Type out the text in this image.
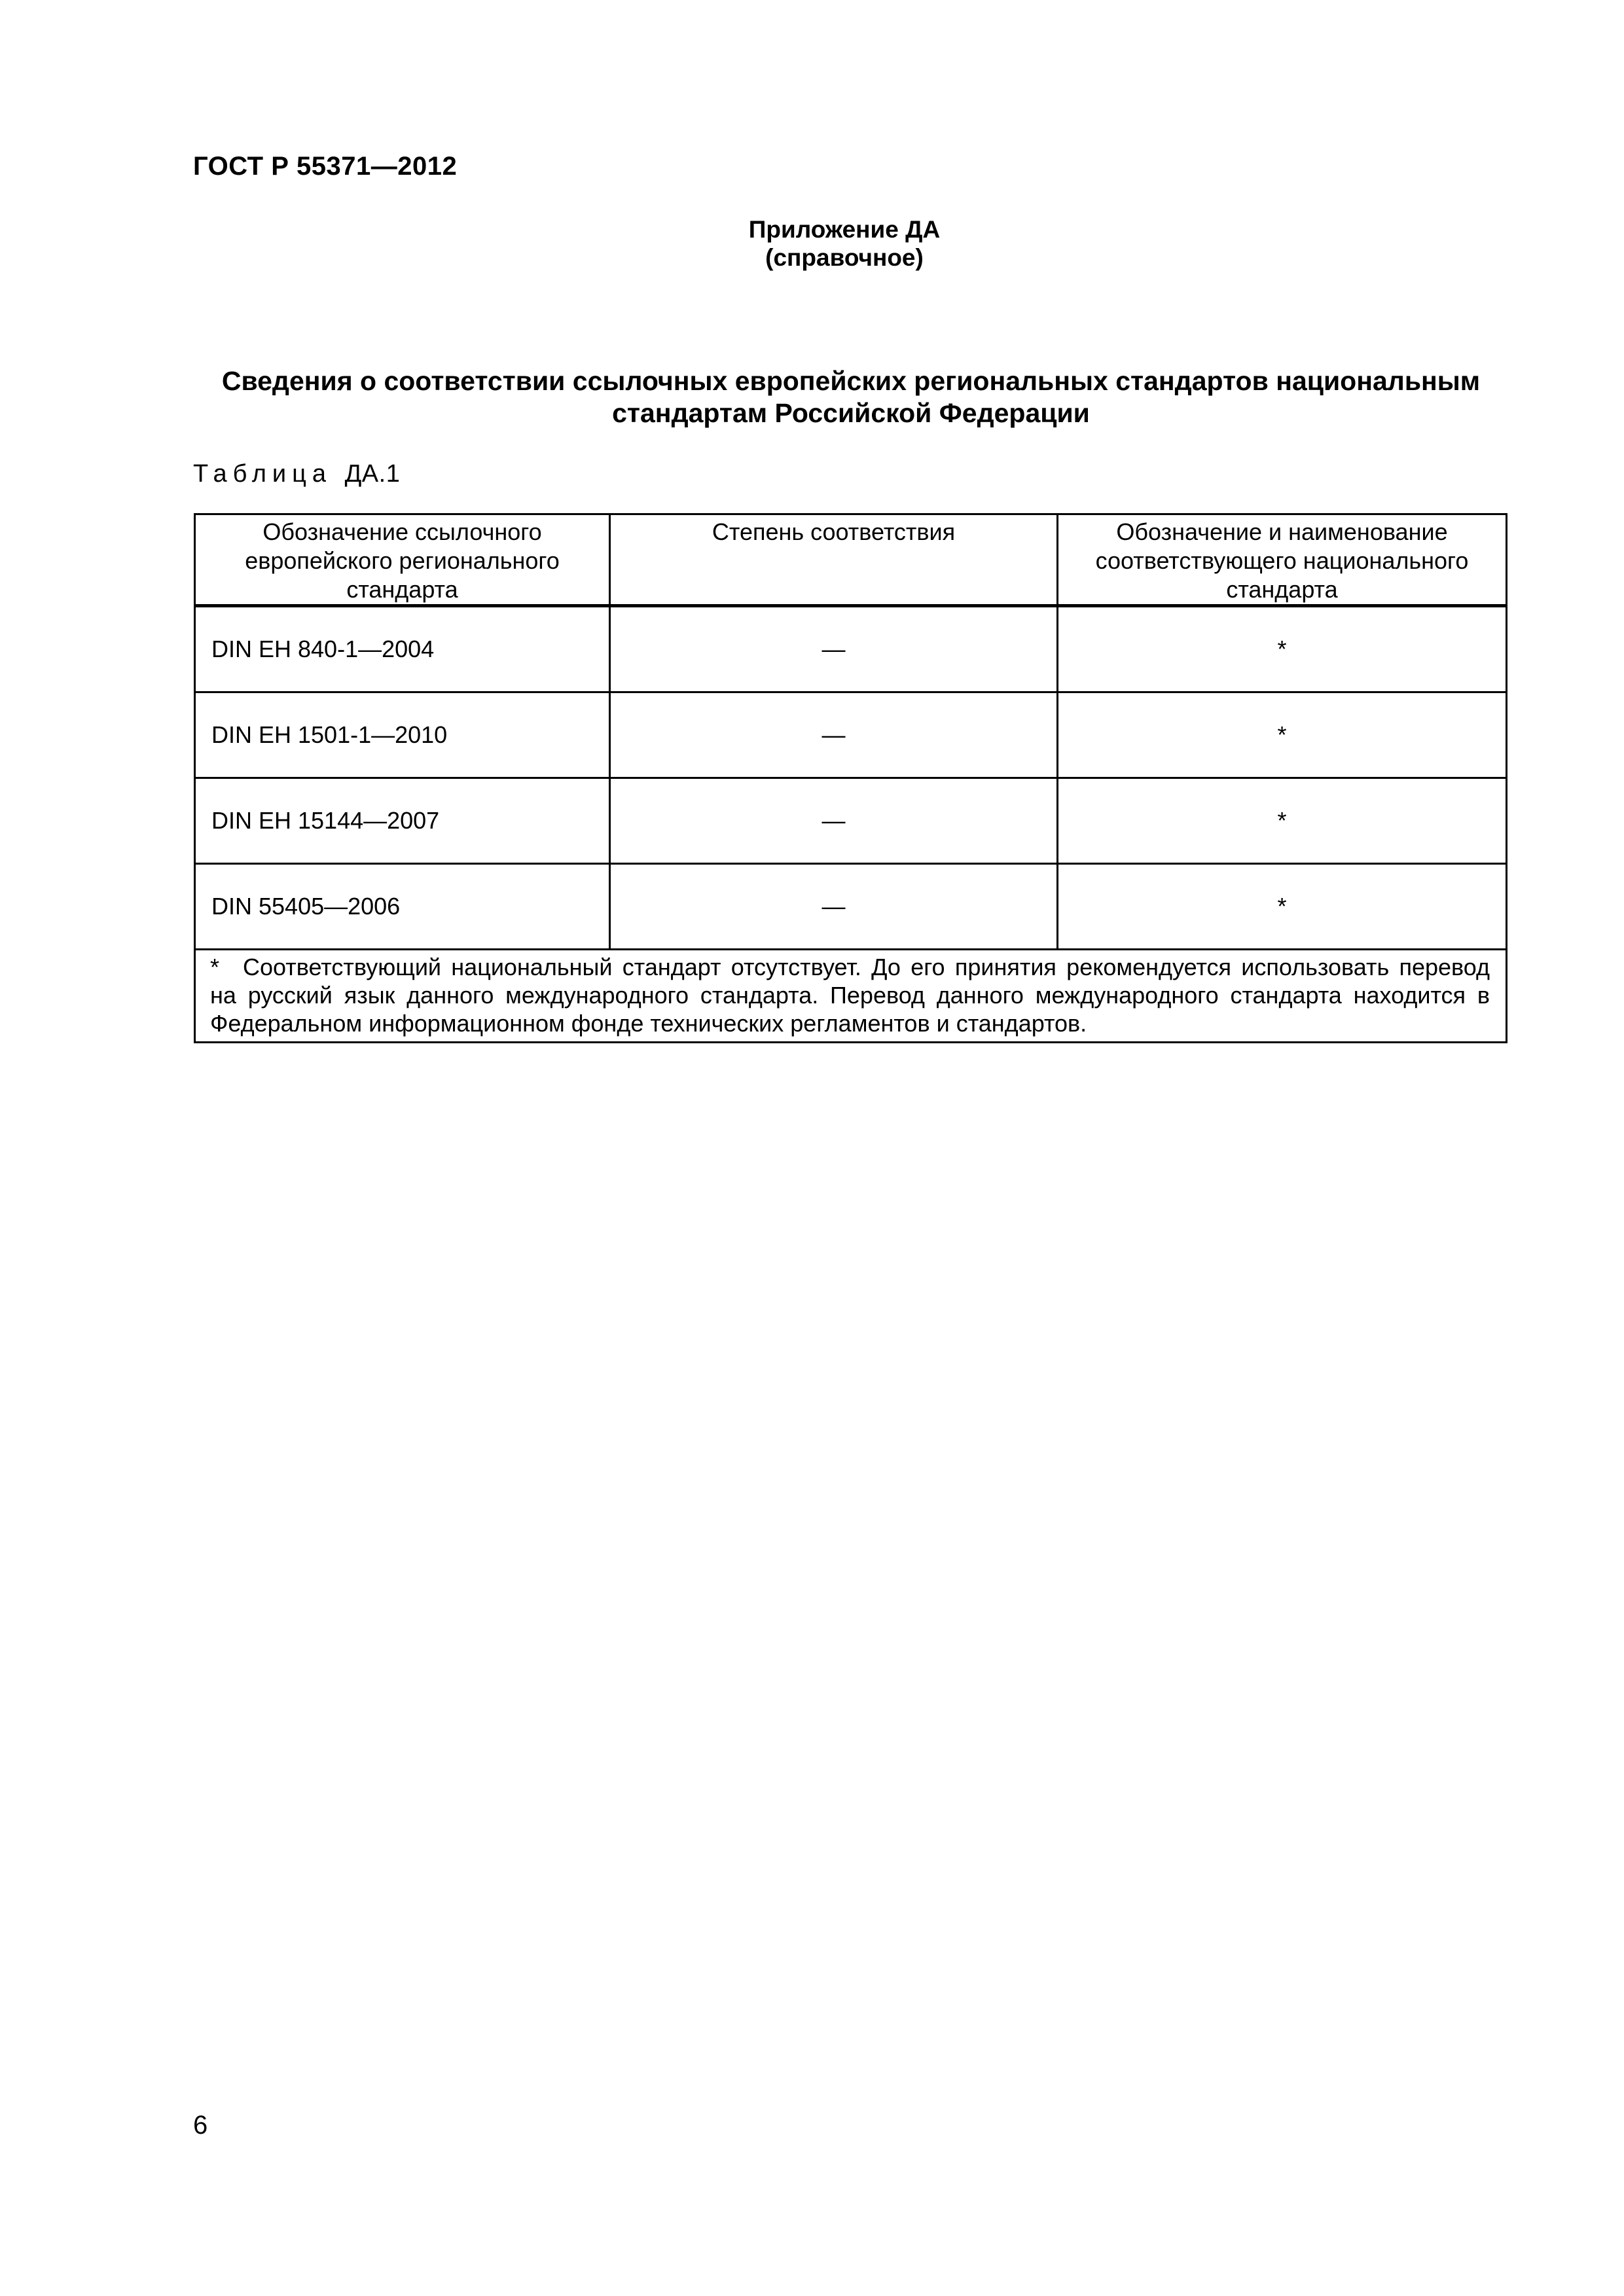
ГОСТ Р 55371—2012
Приложение ДА
(справочное)
Сведения о соответствии ссылочных европейских региональных стандартов национальным
стандартам Российской Федерации
Таблица ДА.1
Обозначение ссылочного европейского регионального стандарта	Степень соответствия	Обозначение и наименование соответствующего национального стандарта
DIN EH 840-1—2004	—	*
DIN EH 1501-1—2010	—	*
DIN EH 15144—2007	—	*
DIN 55405—2006	—	*
* Соответствующий национальный стандарт отсутствует. До его принятия рекомендуется использовать перевод на русский язык данного международного стандарта. Перевод данного международного стандарта находится в Федеральном информационном фонде технических регламентов и стандартов.		
6
